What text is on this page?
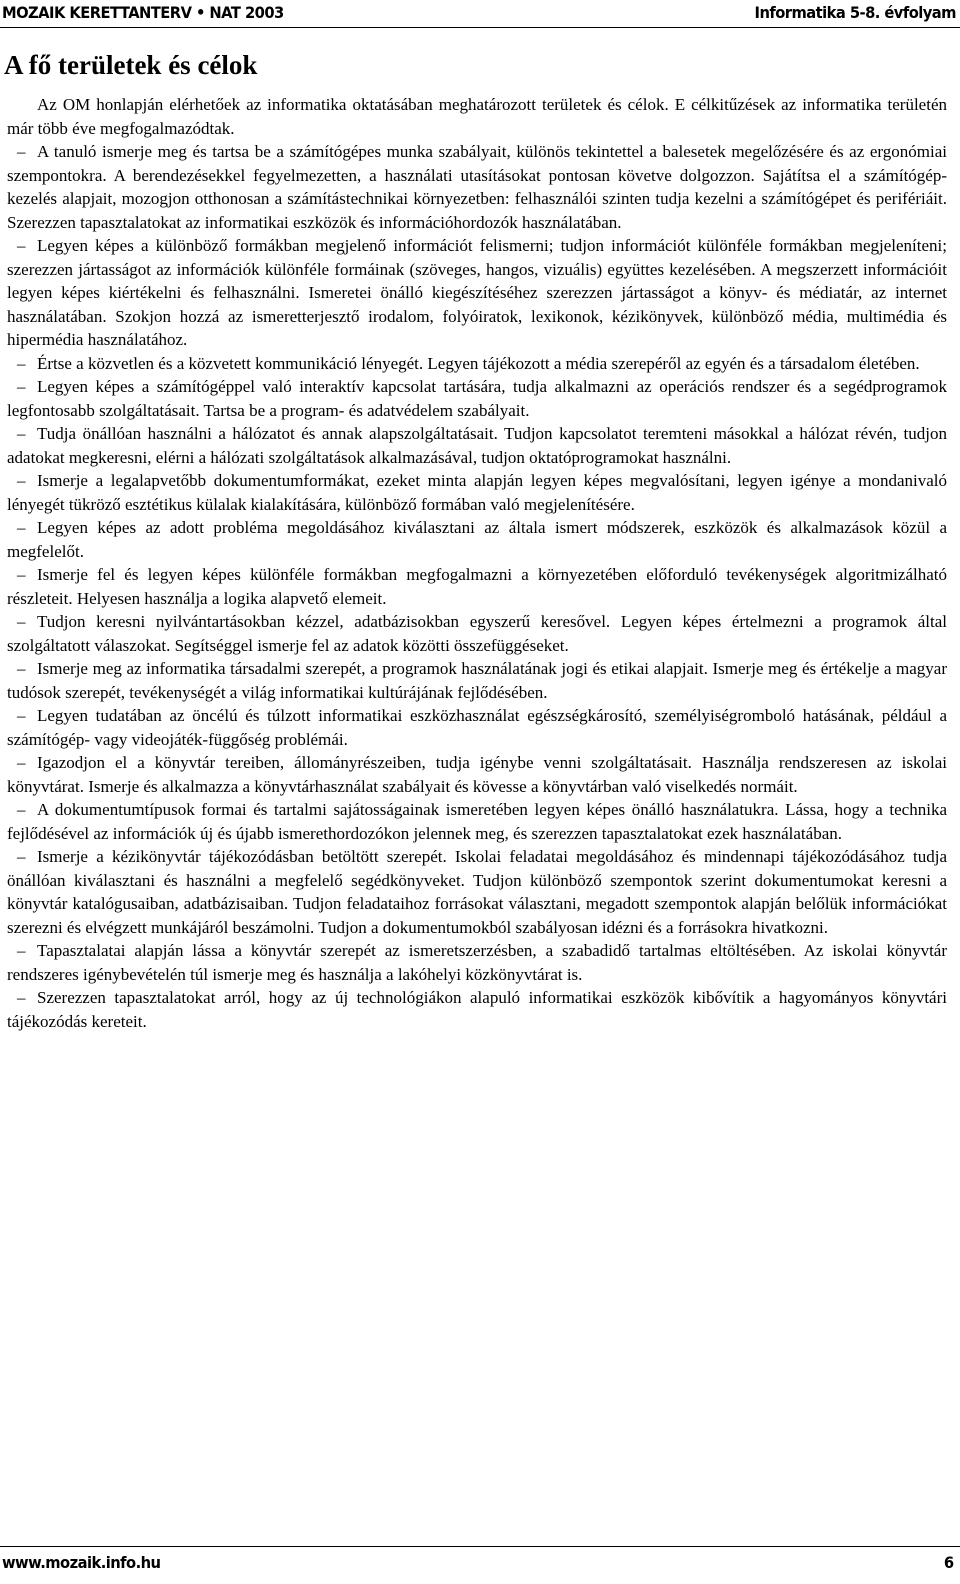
MOZAIK KERETTANTERV • NAT 2003	Informatika 5-8. évfolyam
A fő területek és célok

Az OM honlapján elérhetőek az informatika oktatásában meghatározott területek és célok. E célkitűzések az informatika területén már több éve megfogalmazódtak.

– A tanuló ismerje meg és tartsa be a számítógépes munka szabályait, különös tekintettel a balesetek megelőzésére és az ergonómiai szempontokra. A berendezésekkel fegyelmezetten, a használati utasításokat pontosan követve dolgozzon. Sajátítsa el a számítógép-kezelés alapjait, mozogjon otthonosan a számítástechnikai környezetben: felhasználói szinten tudja kezelni a számítógépet és perifériáit. Szerezzen tapasztalatokat az informatikai eszközök és információhordozók használatában.
– Legyen képes a különböző formákban megjelenő információt felismerni; tudjon információt különféle formákban megjeleníteni; szerezzen jártasságot az információk különféle formáinak (szöveges, hangos, vizuális) együttes kezelésében. A megszerzett információit legyen képes kiértékelni és felhasználni. Ismeretei önálló kiegészítéséhez szerezzen jártasságot a könyv- és médiatár, az internet használatában. Szokjon hozzá az ismeretterjesztő irodalom, folyóiratok, lexikonok, kézikönyvek, különböző média, multimédia és hipermédia használatához.
– Értse a közvetlen és a közvetett kommunikáció lényegét. Legyen tájékozott a média szerepéről az egyén és a társadalom életében.
– Legyen képes a számítógéppel való interaktív kapcsolat tartására, tudja alkalmazni az operációs rendszer és a segédprogramok legfontosabb szolgáltatásait. Tartsa be a program- és adatvédelem szabályait.
– Tudja önállóan használni a hálózatot és annak alapszolgáltatásait. Tudjon kapcsolatot teremteni másokkal a hálózat révén, tudjon adatokat megkeresni, elérni a hálózati szolgáltatások alkalmazásával, tudjon oktatóprogramokat használni.
– Ismerje a legalapvetőbb dokumentumformákat, ezeket minta alapján legyen képes megvalósítani, legyen igénye a mondanivaló lényegét tükröző esztétikus külalak kialakítására, különböző formában való megjelenítésére.
– Legyen képes az adott probléma megoldásához kiválasztani az általa ismert módszerek, eszközök és alkalmazások közül a megfelelőt.
– Ismerje fel és legyen képes különféle formákban megfogalmazni a környezetében előforduló tevékenységek algoritmizálható részleteit. Helyesen használja a logika alapvető elemeit.
– Tudjon keresni nyilvántartásokban kézzel, adatbázisokban egyszerű keresővel. Legyen képes értelmezni a programok által szolgáltatott válaszokat. Segítséggel ismerje fel az adatok közötti összefüggéseket.
– Ismerje meg az informatika társadalmi szerepét, a programok használatának jogi és etikai alapjait. Ismerje meg és értékelje a magyar tudósok szerepét, tevékenységét a világ informatikai kultúrájának fejlődésében.
– Legyen tudatában az öncélú és túlzott informatikai eszközhasználat egészségkárosító, személyiségromboló hatásának, például a számítógép- vagy videojáték-függőség problémái.
– Igazodjon el a könyvtár tereiben, állományrészeiben, tudja igénybe venni szolgáltatásait. Használja rendszeresen az iskolai könyvtárat. Ismerje és alkalmazza a könyvtárhasználat szabályait és kövesse a könyvtárban való viselkedés normáit.
– A dokumentumtípusok formai és tartalmi sajátosságainak ismeretében legyen képes önálló használatukra. Lássa, hogy a technika fejlődésével az információk új és újabb ismerethordozókon jelennek meg, és szerezzen tapasztalatokat ezek használatában.
– Ismerje a kézikönyvtár tájékozódásban betöltött szerepét. Iskolai feladatai megoldásához és mindennapi tájékozódásához tudja önállóan kiválasztani és használni a megfelelő segédkönyveket. Tudjon különböző szempontok szerint dokumentumokat keresni a könyvtár katalógusaiban, adatbázisaiban. Tudjon feladataihoz forrásokat választani, megadott szempontok alapján belőlük információkat szerezni és elvégzett munkájáról beszámolni. Tudjon a dokumentumokból szabályosan idézni és a forrásokra hivatkozni.
– Tapasztalatai alapján lássa a könyvtár szerepét az ismeretszerzésben, a szabadidő tartalmas eltöltésében. Az iskolai könyvtár rendszeres igénybevételén túl ismerje meg és használja a lakóhelyi közkönyvtárat is.
– Szerezzen tapasztalatokat arról, hogy az új technológiákon alapuló informatikai eszközök kibővítik a hagyományos könyvtári tájékozódás kereteit.
www.mozaik.info.hu	6
